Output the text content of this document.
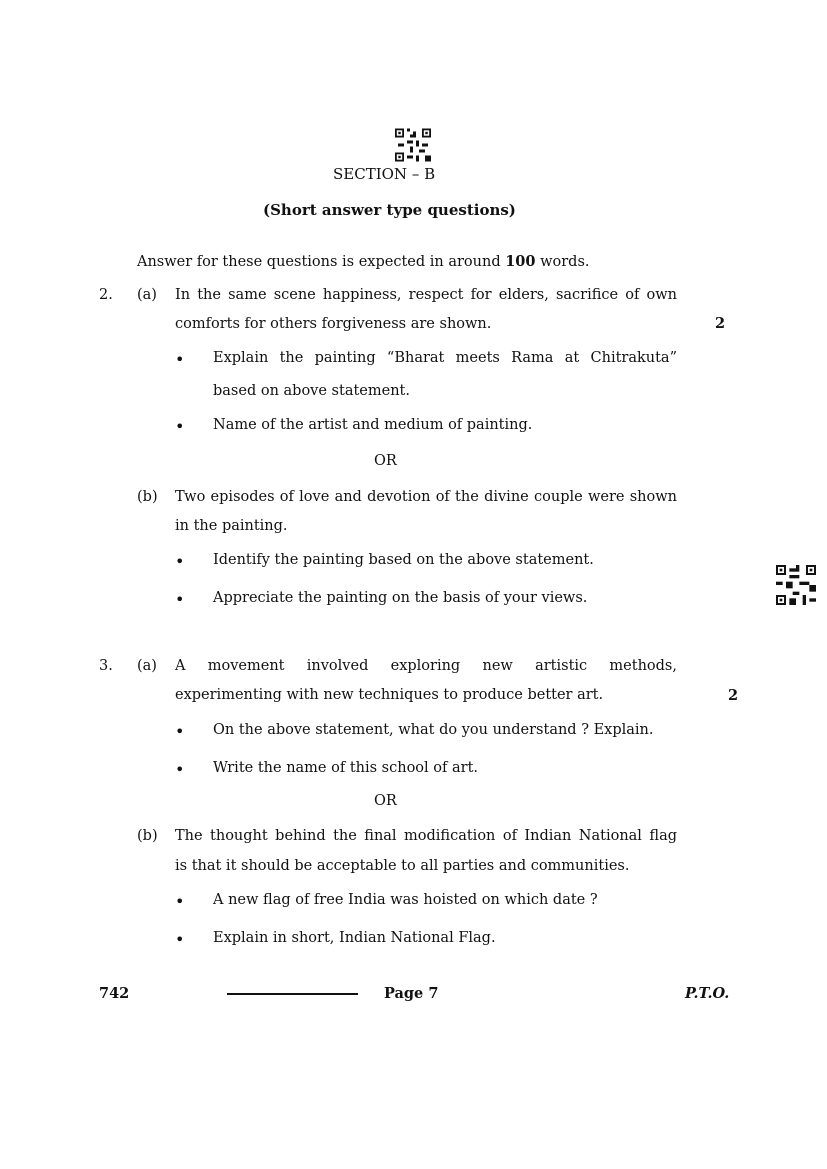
SECTION – B
(Short answer type questions)
Answer for these questions is expected in around 100 words.
2. (a) In the same scene happiness, respect for elders, sacrifice of own
comforts for others forgiveness are shown.	2
• Explain the painting “Bharat meets Rama at Chitrakuta”
based on above statement.
• Name of the artist and medium of painting.
OR
(b) Two episodes of love and devotion of the divine couple were shown
in the painting.
• Identify the painting based on the above statement.
• Appreciate the painting on the basis of your views.
3. (a) A movement involved exploring new artistic methods,
experimenting with new techniques to produce better art.	2
• On the above statement, what do you understand ? Explain.
• Write the name of this school of art.
OR
(b) The thought behind the final modification of Indian National flag
is that it should be acceptable to all parties and communities.
• A new flag of free India was hoisted on which date ?
• Explain in short, Indian National Flag.
742	Page 7	P.T.O.
